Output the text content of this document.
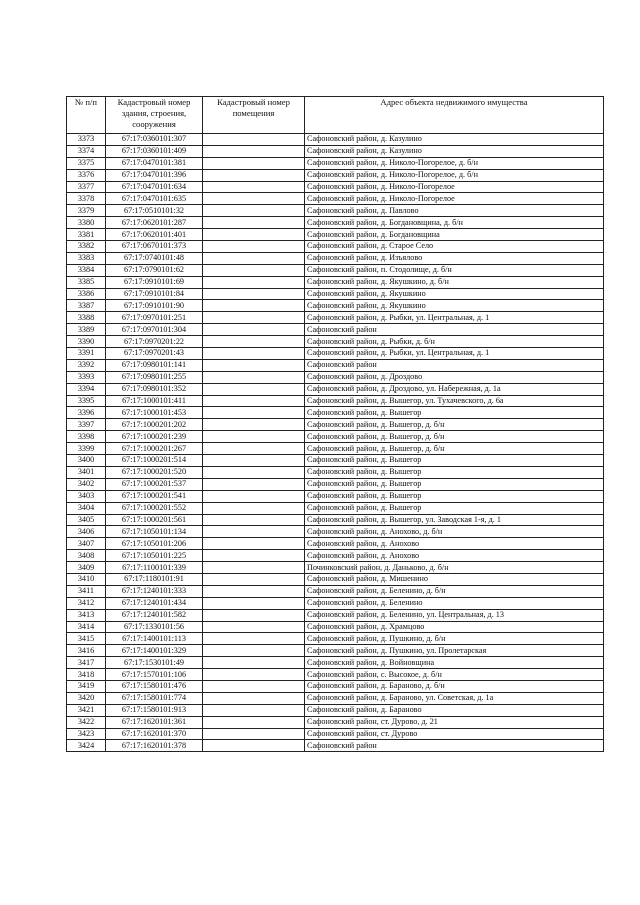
№ п/п	Кадастровый номер здания, строения, сооружения	Кадастровый номер помещения	Адрес объекта недвижимого имущества
3373	67:17:0360101:307		Сафоновский район, д. Казулино
3374	67:17:0360101:409		Сафоновский район, д. Казулино
3375	67:17:0470101:381		Сафоновский район, д. Николо-Погорелое, д. б/н
3376	67:17:0470101:396		Сафоновский район, д. Николо-Погорелое, д. б/н
3377	67:17:0470101:634		Сафоновский район, д. Николо-Погорелое
3378	67:17:0470101:635		Сафоновский район, д. Николо-Погорелое
3379	67:17:0510101:32		Сафоновский район, д. Павлово
3380	67:17:0620101:287		Сафоновский район, д. Богдановщина, д. б/н
3381	67:17:0620101:401		Сафоновский район, д. Богдановщина
3382	67:17:0670101:373		Сафоновский район, д. Старое Село
3383	67:17:0740101:48		Сафоновский район, д. Изъялово
3384	67:17:0790101:62		Сафоновский район, п. Стодолище, д. б/н
3385	67:17:0910101:69		Сафоновский район, д. Якушкино, д. б/н
3386	67:17:0910101:84		Сафоновский район, д. Якушкино
3387	67:17:0910101:90		Сафоновский район, д. Якушкино
3388	67:17:0970101:251		Сафоновский район, д. Рыбки, ул. Центральная, д. 1
3389	67:17:0970101:304		Сафоновский район
3390	67:17:0970201:22		Сафоновский район, д. Рыбки, д. б/н
3391	67:17:0970201:43		Сафоновский район, д. Рыбки, ул. Центральная, д. 1
3392	67:17:0980101:141		Сафоновский район
3393	67:17:0980101:255		Сафоновский район, д. Дроздово
3394	67:17:0980101:352		Сафоновский район, д. Дроздово, ул. Набережная, д. 1а
3395	67:17:1000101:411		Сафоновский район, д. Вышегор, ул. Тухачевского, д. 6а
3396	67:17:1000101:453		Сафоновский район, д. Вышегор
3397	67:17:1000201:202		Сафоновский район, д. Вышегор, д. б/н
3398	67:17:1000201:239		Сафоновский район, д. Вышегор, д. б/н
3399	67:17:1000201:267		Сафоновский район, д. Вышегор, д. б/н
3400	67:17:1000201:514		Сафоновский район, д. Вышегор
3401	67:17:1000201:520		Сафоновский район, д. Вышегор
3402	67:17:1000201:537		Сафоновский район, д. Вышегор
3403	67:17:1000201:541		Сафоновский район, д. Вышегор
3404	67:17:1000201:552		Сафоновский район, д. Вышегор
3405	67:17:1000201:561		Сафоновский район, д. Вышегор, ул. Заводская 1-я, д. 1
3406	67:17:1050101:134		Сафоновский район, д. Анохово, д. б/н
3407	67:17:1050101:206		Сафоновский район, д. Анохово
3408	67:17:1050101:225		Сафоновский район, д. Анохово
3409	67:17:1100101:339		Починковский район, д. Даньково, д. б/н
3410	67:17:1180101:91		Сафоновский район, д. Мишенино
3411	67:17:1240101:333		Сафоновский район, д. Беленино, д. б/н
3412	67:17:1240101:434		Сафоновский район, д. Беленино
3413	67:17:1240101:582		Сафоновский район, д. Беленино, ул. Центральная, д. 13
3414	67:17:1330101:56		Сафоновский район, д. Храмцово
3415	67:17:1400101:113		Сафоновский район, д. Пушкино, д. б/н
3416	67:17:1400101:329		Сафоновский район, д. Пушкино, ул. Пролетарская
3417	67:17:1530101:49		Сафоновский район, д. Войновщина
3418	67:17:1570101:106		Сафоновский район, с. Высокое, д. б/н
3419	67:17:1580101:476		Сафоновский район, д. Бараново, д. б/н
3420	67:17:1580101:774		Сафоновский район, д. Бараново, ул. Советская, д. 1а
3421	67:17:1580101:913		Сафоновский район, д. Бараново
3422	67:17:1620101:361		Сафоновский район, ст. Дурово, д. 21
3423	67:17:1620101:370		Сафоновский район, ст. Дурово
3424	67:17:1620101:378		Сафоновский район
